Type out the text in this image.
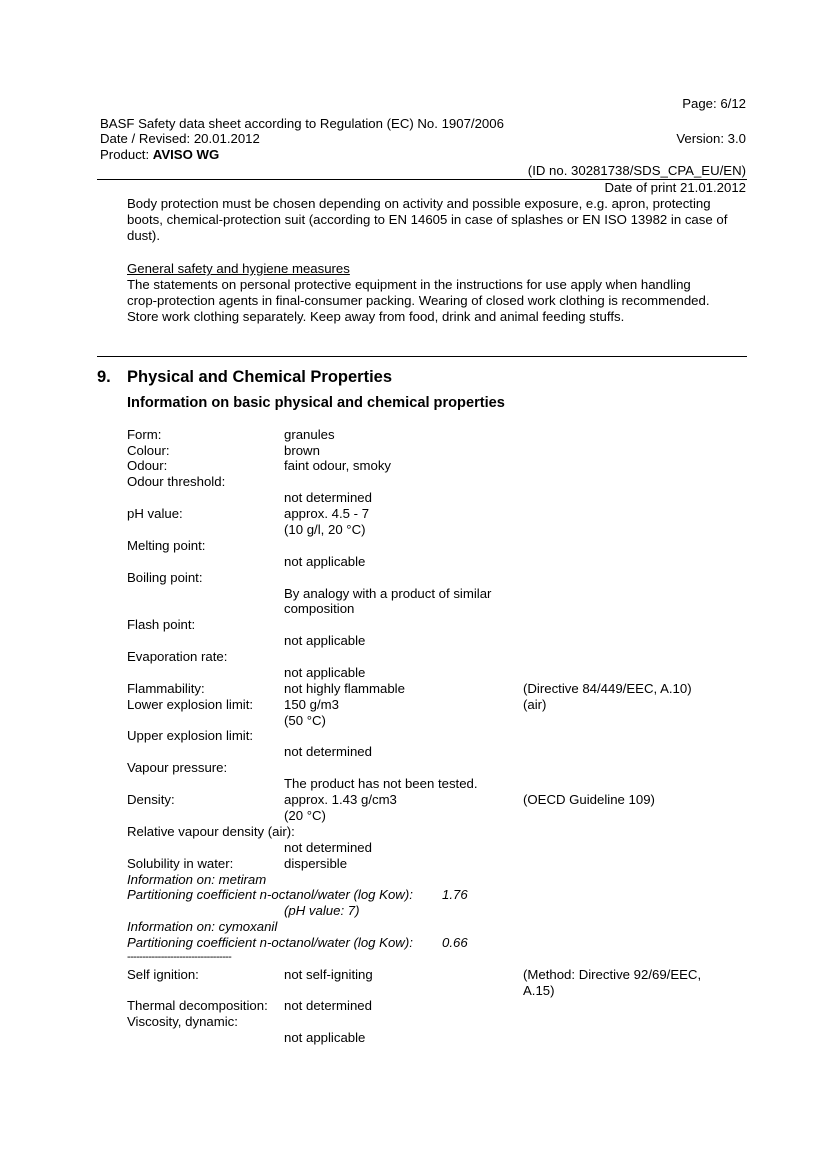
Page: 6/12
BASF Safety data sheet according to Regulation (EC) No. 1907/2006
Date / Revised: 20.01.2012	Version: 3.0
Product: AVISO WG
(ID no. 30281738/SDS_CPA_EU/EN)
Date of print 21.01.2012
Body protection must be chosen depending on activity and possible exposure, e.g. apron, protecting
boots, chemical-protection suit (according to EN 14605 in case of splashes or EN ISO 13982 in case of
dust).
General safety and hygiene measures
The statements on personal protective equipment in the instructions for use apply when handling
crop-protection agents in final-consumer packing. Wearing of closed work clothing is recommended.
Store work clothing separately. Keep away from food, drink and animal feeding stuffs.
9. Physical and Chemical Properties
Information on basic physical and chemical properties
Form:	granules
Colour:	brown
Odour:	faint odour, smoky
Odour threshold:
not determined
pH value:	approx. 4.5 - 7
(10 g/l, 20 °C)
Melting point:
not applicable
Boiling point:
By analogy with a product of similar
composition
Flash point:
not applicable
Evaporation rate:
not applicable
Flammability:	not highly flammable	(Directive 84/449/EEC, A.10)
Lower explosion limit: 150 g/m3	(air)
(50 °C)
Upper explosion limit:
not determined
Vapour pressure:
The product has not been tested.
Density:	approx. 1.43 g/cm3	(OECD Guideline 109)
(20 °C)
Relative vapour density (air):
not determined
Solubility in water:	dispersible
Information on: metiram
Partitioning coefficient n-octanol/water (log Kow): 1.76
(pH value: 7)
Information on: cymoxanil
Partitioning coefficient n-octanol/water (log Kow): 0.66
----------------------------------
Self ignition:	not self-igniting	(Method: Directive 92/69/EEC,
A.15)
Thermal decomposition: not determined
Viscosity, dynamic:
not applicable
